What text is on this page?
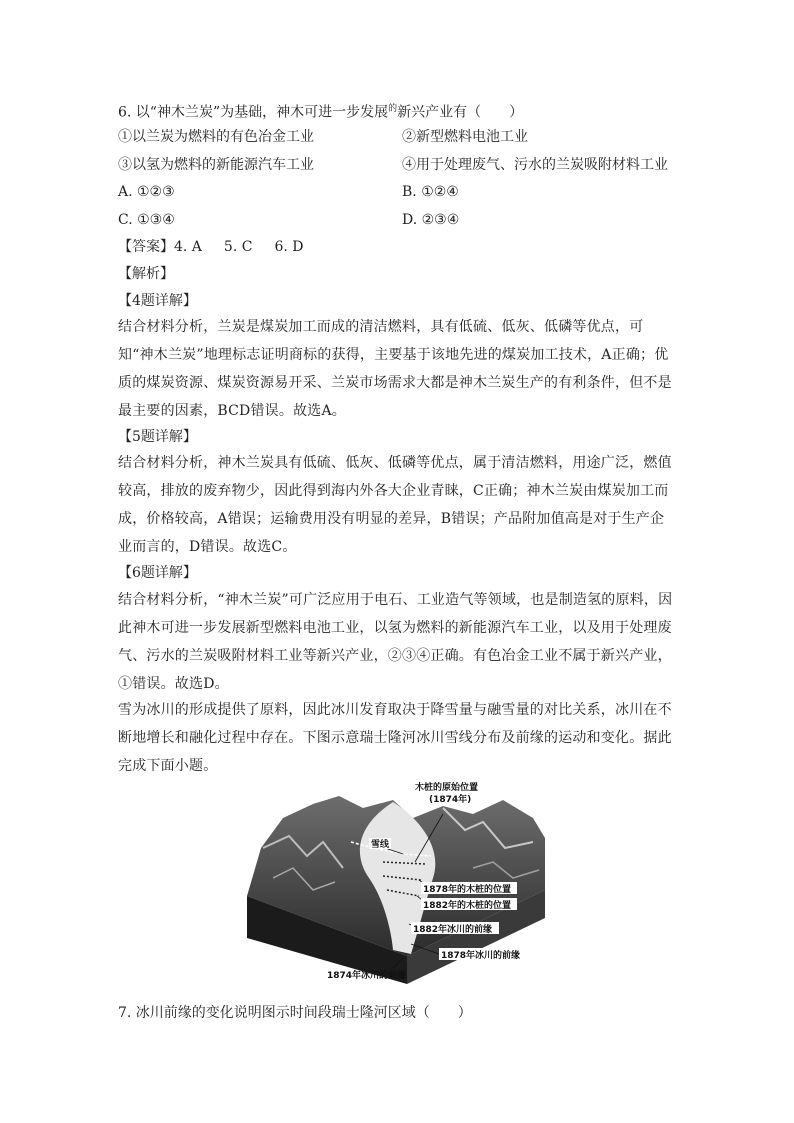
6. 以“神木兰炭”为基础，神木可进一步发展$^的$新兴产业有（　　）
①以兰炭为燃料的有色冶金工业	②新型燃料电池工业
③以氢为燃料的新能源汽车工业	④用于处理废气、污水的兰炭吸附材料工业
A. ①②③	B. ①②④
C. ①③④	D. ②③④
【答案】4. A 5. C 6. D
【解析】
【4题详解】
结合材料分析，兰炭是煤炭加工而成的清洁燃料，具有低硫、低灰、低磷等优点，可知“神木兰炭”地理标志证明商标的获得，主要基于该地先进的煤炭加工技术，A正确；优质的煤炭资源、煤炭资源易开采、兰炭市场需求大都是神木兰炭生产的有利条件，但不是最主要的因素，BCD错误。故选A。
【5题详解】
结合材料分析，神木兰炭具有低硫、低灰、低磷等优点，属于清洁燃料，用途广泛，燃值较高，排放的废弃物少，因此得到海内外各大企业青睐，C正确；神木兰炭由煤炭加工而成，价格较高，A错误；运输费用没有明显的差异，B错误；产品附加值高是对于生产企业而言的，D错误。故选C。
【6题详解】
结合材料分析，“神木兰炭”可广泛应用于电石、工业造气等领域，也是制造氢的原料，因此神木可进一步发展新型燃料电池工业，以氢为燃料的新能源汽车工业，以及用于处理废气、污水的兰炭吸附材料工业等新兴产业，②③④正确。有色冶金工业不属于新兴产业，①错误。故选D。
雪为冰川的形成提供了原料，因此冰川发育取决于降雪量与融雪量的对比关系，冰川在不断地增长和融化过程中存在。下图示意瑞士隆河冰川雪线分布及前缘的运动和变化。据此完成下面小题。
木桩的原始位置
(1874年)
雪线
1878年的木桩的位置
1882年的木桩的位置
1882年冰川的前缘
1878年冰川的前缘
1874年冰川的前缘
7. 冰川前缘的变化说明图示时间段瑞士隆河区域（　　）
